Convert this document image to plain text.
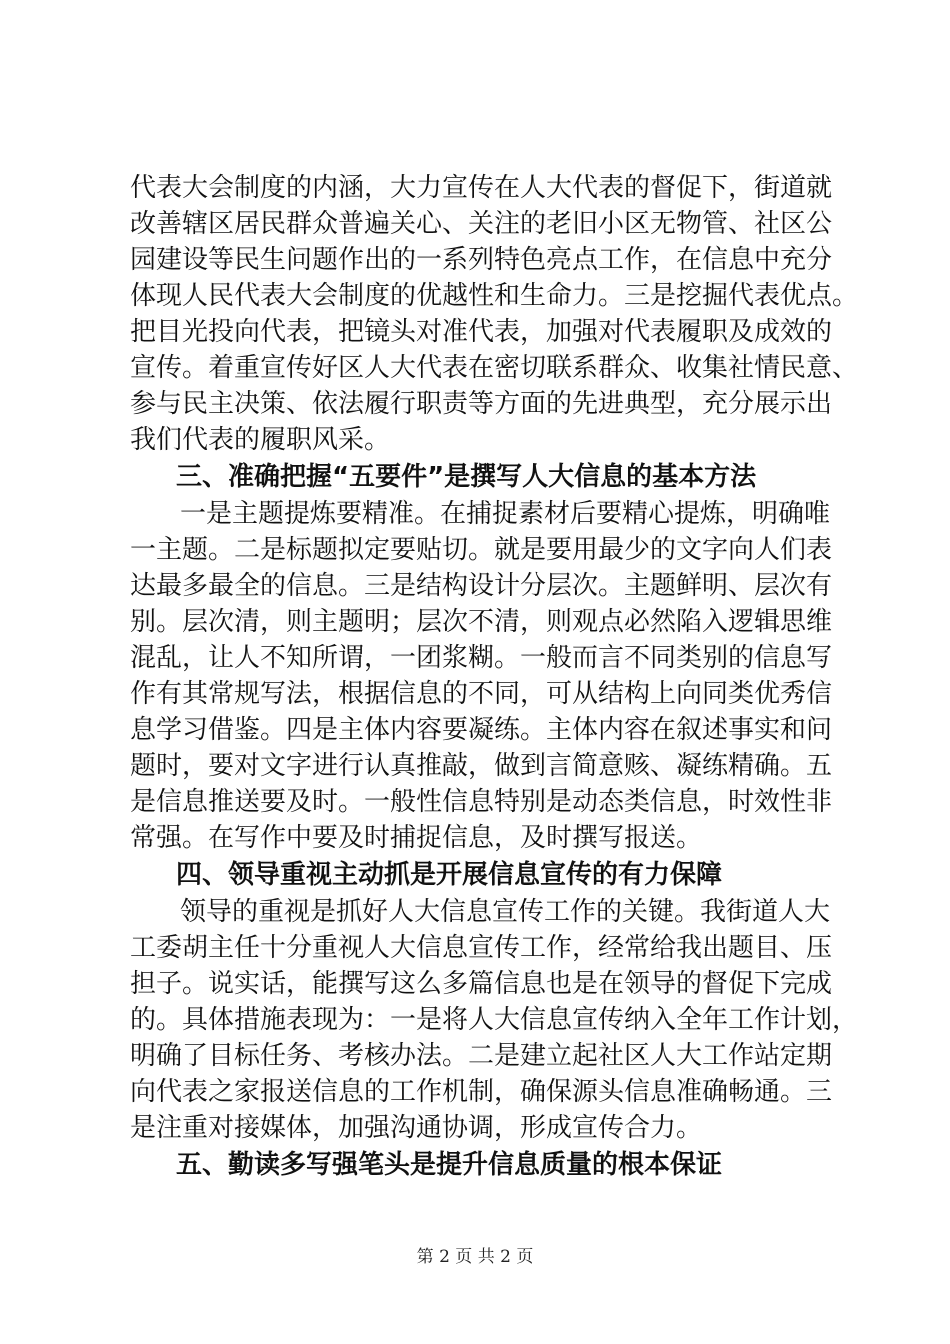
代表大会制度的内涵，大力宣传在人大代表的督促下，街道就
改善辖区居民群众普遍关心、关注的老旧小区无物管、社区公
园建设等民生问题作出的一系列特色亮点工作，在信息中充分
体现人民代表大会制度的优越性和生命力。三是挖掘代表优点。
把目光投向代表，把镜头对准代表，加强对代表履职及成效的
宣传。着重宣传好区人大代表在密切联系群众、收集社情民意、
参与民主决策、依法履行职责等方面的先进典型，充分展示出
我们代表的履职风采。
三、准确把握“五要件”是撰写人大信息的基本方法
一是主题提炼要精准。在捕捉素材后要精心提炼，明确唯
一主题。二是标题拟定要贴切。就是要用最少的文字向人们表
达最多最全的信息。三是结构设计分层次。主题鲜明、层次有
别。层次清，则主题明；层次不清，则观点必然陷入逻辑思维
混乱，让人不知所谓，一团浆糊。一般而言不同类别的信息写
作有其常规写法，根据信息的不同，可从结构上向同类优秀信
息学习借鉴。四是主体内容要凝练。主体内容在叙述事实和问
题时，要对文字进行认真推敲，做到言简意赅、凝练精确。五
是信息推送要及时。一般性信息特别是动态类信息，时效性非
常强。在写作中要及时捕捉信息，及时撰写报送。
四、领导重视主动抓是开展信息宣传的有力保障
领导的重视是抓好人大信息宣传工作的关键。我街道人大
工委胡主任十分重视人大信息宣传工作，经常给我出题目、压
担子。说实话，能撰写这么多篇信息也是在领导的督促下完成
的。具体措施表现为：一是将人大信息宣传纳入全年工作计划，
明确了目标任务、考核办法。二是建立起社区人大工作站定期
向代表之家报送信息的工作机制，确保源头信息准确畅通。三
是注重对接媒体，加强沟通协调，形成宣传合力。
五、勤读多写强笔头是提升信息质量的根本保证
第 2 页 共 2 页
